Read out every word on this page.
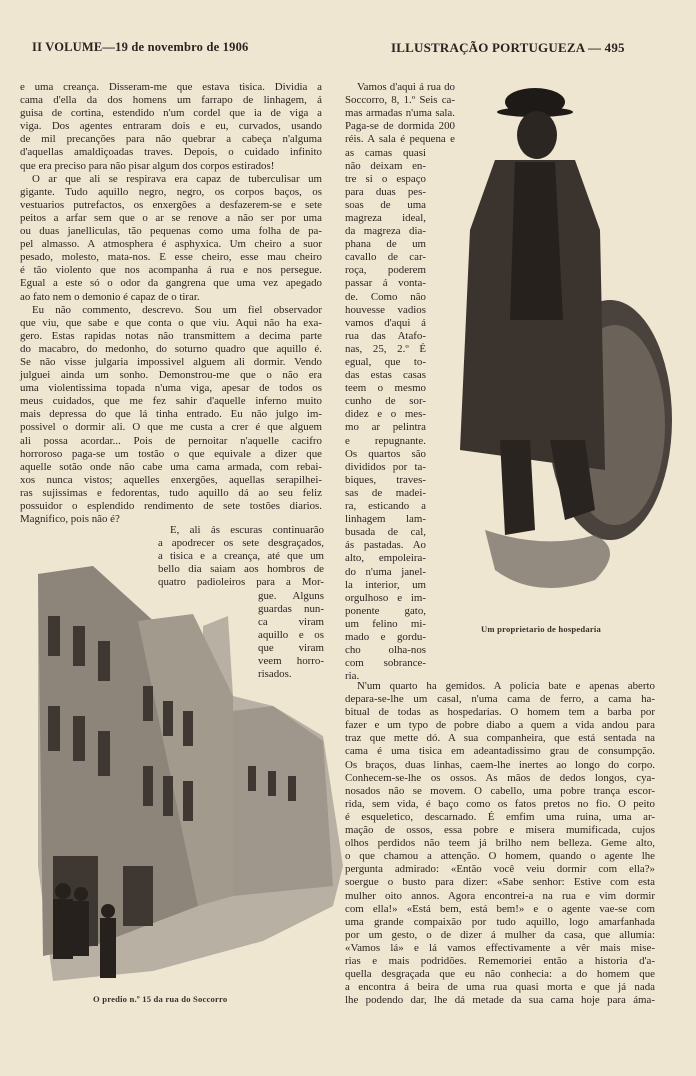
II VOLUME—19 de novembro de 1906	ILLUSTRAÇÃO PORTUGUEZA — 495
e uma creança. Disseram-me que estava tisica. Dividia a
cama d'ella da dos homens um farrapo de linhagem, á
guisa de cortina, estendido n'um cordel que ia de viga a
viga. Dos agentes entraram dois e eu, curvados, usando
de mil precanções para não quebrar a cabeça n'alguma
d'aquellas amaldiçoadas traves. Depois, o cuidado infinito
que era preciso para não pisar algum dos corpos estirados!
O ar que ali se respirava era capaz de tuberculisar um
gigante. Tudo aquillo negro, negro, os corpos baços, os
vestuarios putrefactos, os enxergões a desfazerem-se e sete
peitos a arfar sem que o ar se renove a não ser por uma
ou duas janelliculas, tão pequenas como uma folha de pa-
pel almasso. A atmosphera é asphyxica. Um cheiro a suor
pesado, molesto, mata-nos. E esse cheiro, esse mau cheiro
é tão violento que nos acompanha á rua e nos persegue.
Egual a este só o odor da gangrena que uma vez apegado
ao fato nem o demonio é capaz de o tirar.
Eu não commento, descrevo. Sou um fiel observador
que viu, que sabe e que conta o que viu. Aqui não ha exa-
gero. Estas rapidas notas não transmittem a decima parte
do macabro, do medonho, do soturno quadro que aquillo é.
Se não visse julgaria impossivel alguem ali dormir. Vendo
julguei ainda um sonho. Demonstrou-me que o não era
uma violentissima topada n'uma viga, apesar de todos os
meus cuidados, que me fez sahir d'aquelle inferno muito
mais depressa do que lá tinha entrado. Eu não julgo im-
possivel o dormir ali. O que me custa a crer é que alguem
ali possa acordar... Pois de pernoitar n'aquelle cacifro
horroroso paga-se um tostão o que equivale a dizer que
aquelle sotão onde não cabe uma cama armada, com rebai-
xos nunca vistos; aquelles enxergões, aquellas serapilhei-
ras sujissimas e fedorentas, tudo aquillo dá ao seu feliz
possuidor o esplendido rendimento de sete tostões diarios.
Magnifico, pois não é?
E, ali ás escuras continuarão
a apodrecer os sete desgraçados,
a tisica e a creança, até que um
bello dia saiam aos hombros de
quatro padioleiros para a Mor-
gue. Alguns
guardas nun-
ca viram
aquillo e os
que viram
veem horro-
risados.
Vamos d'aqui á rua do
Soccorro, 8, 1.º Seis ca-
mas armadas n'uma sala.
Paga-se de dormida 200
réis. A sala é pequena e
as camas quasi
não deixam en-
tre si o espaço
para duas pes-
soas de uma
magreza ideal,
da magreza dia-
phana de um
cavallo de car-
roça, poderem
passar á vonta-
de. Como não
houvesse vadios
vamos d'aqui á
rua das Atafo-
nas, 25, 2.º É
egual, que to-
das estas casas
teem o mesmo
cunho de sor-
didez e o mes-
mo ar pelintra
e repugnante.
Os quartos são
divididos por ta-
biques, traves-
sas de madei-
ra, esticando a
linhagem lam-
busada de cal,
ás pastadas. Ao
alto, empoleira-
do n'uma janel-
la interior, um
orgulhoso e im-
ponente gato,
um felino mi-
mado e gordu-
cho olha-nos
com sobrance-
ria.
N'um quarto ha gemidos. A policia bate e apenas aberto
depara-se-lhe um casal, n'uma cama de ferro, a cama ha-
bitual de todas as hospedarias. O homem tem a barba por
fazer e um typo de pobre diabo a quem a vida andou para
traz que mette dó. A sua companheira, que está sentada na
cama é uma tisica em adeantadissimo grau de consumpção.
Os braços, duas linhas, caem-lhe inertes ao longo do corpo.
Conhecem-se-lhe os ossos. As mãos de dedos longos, cya-
nosados não se movem. O cabello, uma pobre trança escor-
rida, sem vida, é baço como os fatos pretos no fio. O peito
é esqueletico, descarnado. É emfim uma ruina, uma ar-
mação de ossos, essa pobre e misera mumificada, cujos
olhos perdidos não teem já brilho nem belleza. Geme alto,
o que chamou a attenção. O homem, quando o agente lhe
pergunta admirado: «Então você veiu dormir com ella?»
soergue o busto para dizer: «Sabe senhor: Estive com esta
mulher oito annos. Agora encontrei-a na rua e vim dormir
com ella!» «Está bem, está bem!» e o agente vae-se com
uma grande compaixão por tudo aquillo, logo amarfanhada
por um gesto, o de dizer á mulher da casa, que allumia:
«Vamos lá» e lá vamos effectivamente a vêr mais mise-
rias e mais podridões. Rememoriei então a historia d'a-
quella desgraçada que eu não conhecia: a do homem que
a encontra á beira de uma rua quasi morta e que já nada
lhe podendo dar, lhe dá metade da sua cama hoje para áma-
Um proprietario de hospedaria
O predio n.º 15 da rua do Soccorro
